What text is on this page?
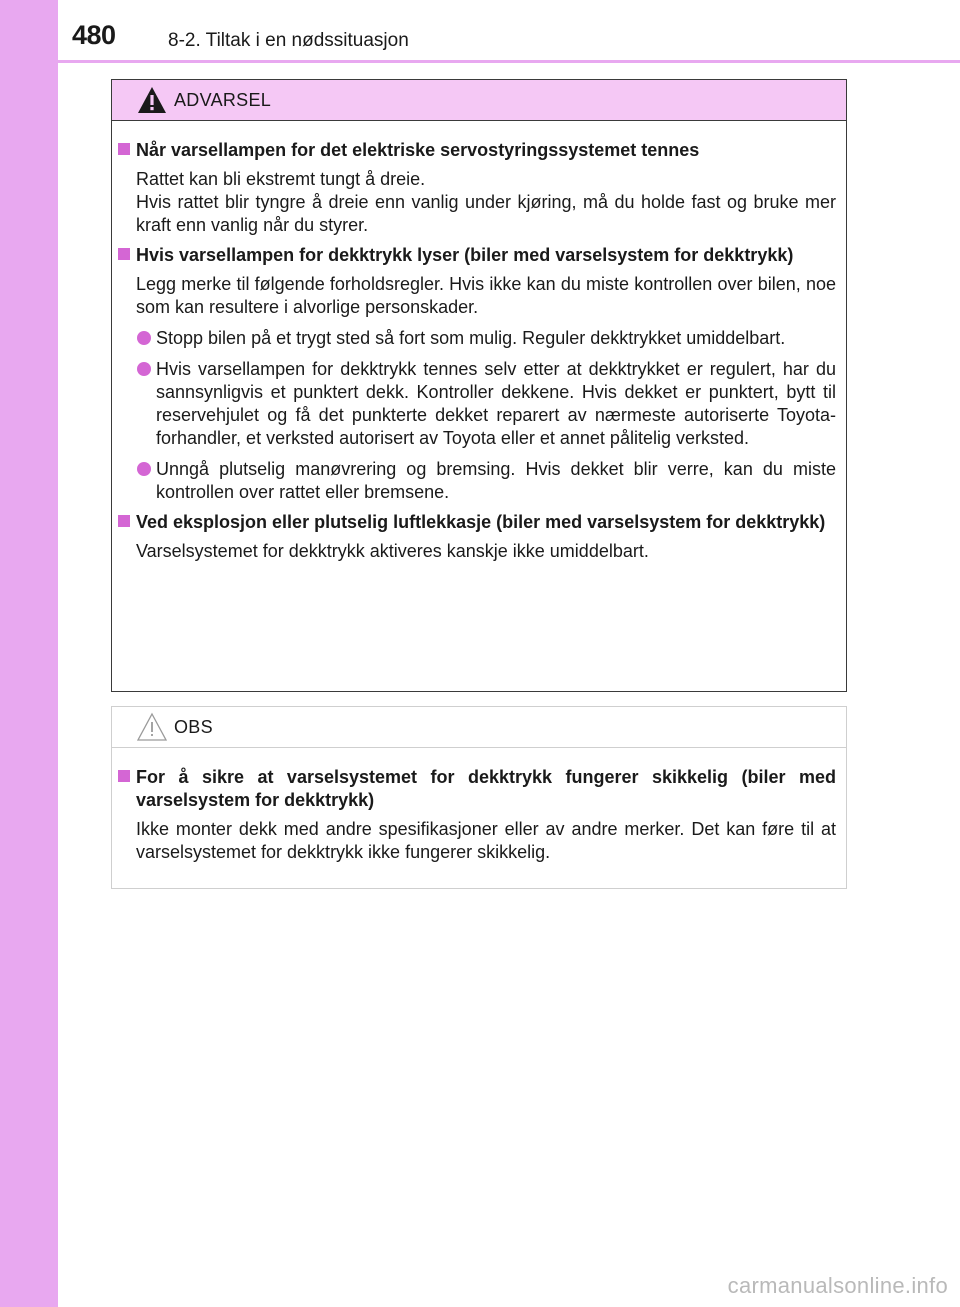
480	8-2. Tiltak i en nødssituasjon
ADVARSEL
Når varsellampen for det elektriske servostyringssystemet tennes
Rattet kan bli ekstremt tungt å dreie.
Hvis rattet blir tyngre å dreie enn vanlig under kjøring, må du holde fast og bruke mer kraft enn vanlig når du styrer.
Hvis varsellampen for dekktrykk lyser (biler med varselsystem for dekktrykk)
Legg merke til følgende forholdsregler. Hvis ikke kan du miste kontrollen over bilen, noe som kan resultere i alvorlige personskader.
Stopp bilen på et trygt sted så fort som mulig. Reguler dekktrykket umiddelbart.
Hvis varsellampen for dekktrykk tennes selv etter at dekktrykket er regulert, har du sannsynligvis et punktert dekk. Kontroller dekkene. Hvis dekket er punktert, bytt til reservehjulet og få det punkterte dekket reparert av nærmeste autoriserte Toyota-forhandler, et verksted autorisert av Toyota eller et annet pålitelig verksted.
Unngå plutselig manøvrering og bremsing. Hvis dekket blir verre, kan du miste kontrollen over rattet eller bremsene.
Ved eksplosjon eller plutselig luftlekkasje (biler med varselsystem for dekktrykk)
Varselsystemet for dekktrykk aktiveres kanskje ikke umiddelbart.
OBS
For å sikre at varselsystemet for dekktrykk fungerer skikkelig (biler med varselsystem for dekktrykk)
Ikke monter dekk med andre spesifikasjoner eller av andre merker. Det kan føre til at varselsystemet for dekktrykk ikke fungerer skikkelig.
carmanualsonline.info
